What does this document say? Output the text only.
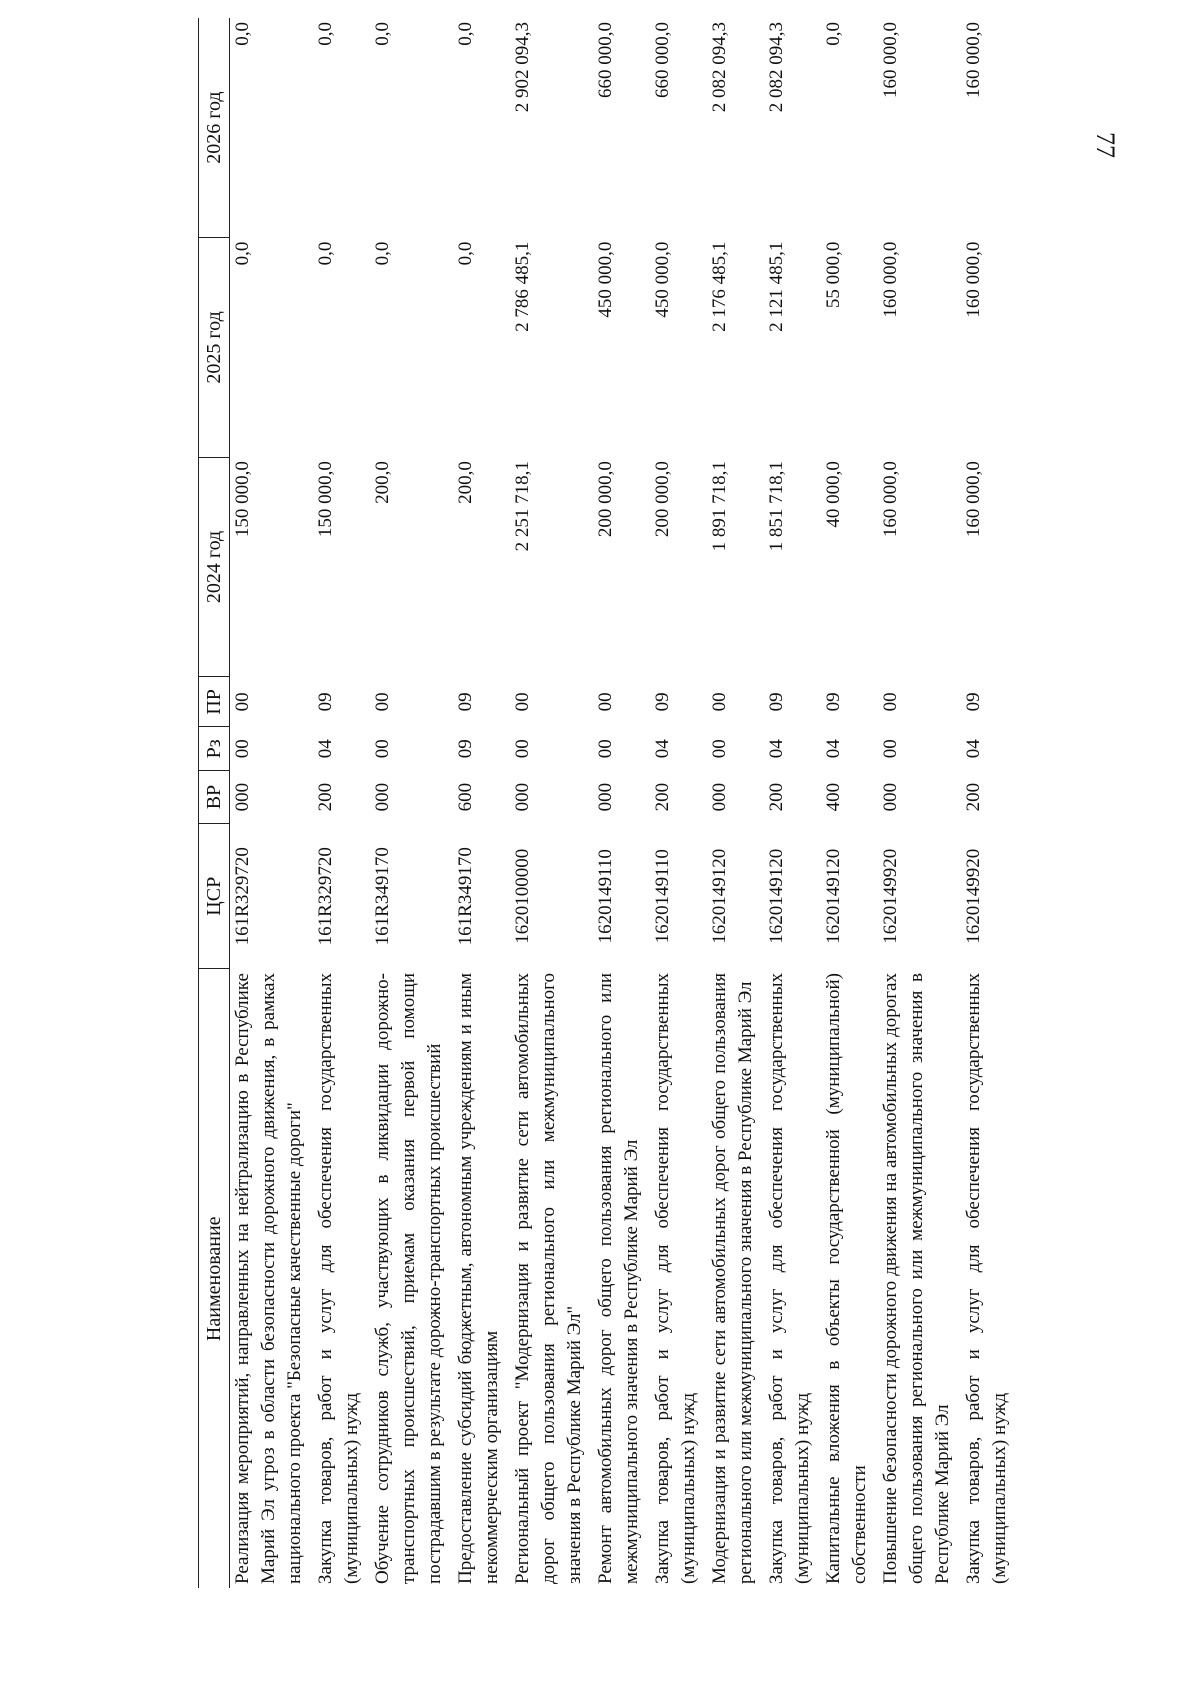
77
Наименование	ЦСР	ВР	Рз	ПР	2024 год	2025 год	2026 год
Реализация мероприятий, направленных на нейтрализацию в Республике Марий Эл угроз в области безопасности дорожного движения, в рамках национального проекта "Безопасные качественные дороги"	161R329720	000	00	00	150 000,0	0,0	0,0
Закупка товаров, работ и услуг для обеспечения государственных (муниципальных) нужд	161R329720	200	04	09	150 000,0	0,0	0,0
Обучение сотрудников служб, участвующих в ликвидации дорожно-транспортных происшествий, приемам оказания первой помощи пострадавшим в результате дорожно-транспортных происшествий	161R349170	000	00	00	200,0	0,0	0,0
Предоставление субсидий бюджетным, автономным учреждениям и иным некоммерческим организациям	161R349170	600	09	09	200,0	0,0	0,0
Региональный проект "Модернизация и развитие сети автомобильных дорог общего пользования регионального или межмуниципального значения в Республике Марий Эл"	1620100000	000	00	00	2 251 718,1	2 786 485,1	2 902 094,3
Ремонт автомобильных дорог общего пользования регионального или межмуниципального значения в Республике Марий Эл	1620149110	000	00	00	200 000,0	450 000,0	660 000,0
Закупка товаров, работ и услуг для обеспечения государственных (муниципальных) нужд	1620149110	200	04	09	200 000,0	450 000,0	660 000,0
Модернизация и развитие сети автомобильных дорог общего пользования регионального или межмуниципального значения в Республике Марий Эл	1620149120	000	00	00	1 891 718,1	2 176 485,1	2 082 094,3
Закупка товаров, работ и услуг для обеспечения государственных (муниципальных) нужд	1620149120	200	04	09	1 851 718,1	2 121 485,1	2 082 094,3
Капитальные вложения в объекты государственной (муниципальной) собственности	1620149120	400	04	09	40 000,0	55 000,0	0,0
Повышение безопасности дорожного движения на автомобильных дорогах общего пользования регионального или межмуниципального значения в Республике Марий Эл	1620149920	000	00	00	160 000,0	160 000,0	160 000,0
Закупка товаров, работ и услуг для обеспечения государственных (муниципальных) нужд	1620149920	200	04	09	160 000,0	160 000,0	160 000,0
